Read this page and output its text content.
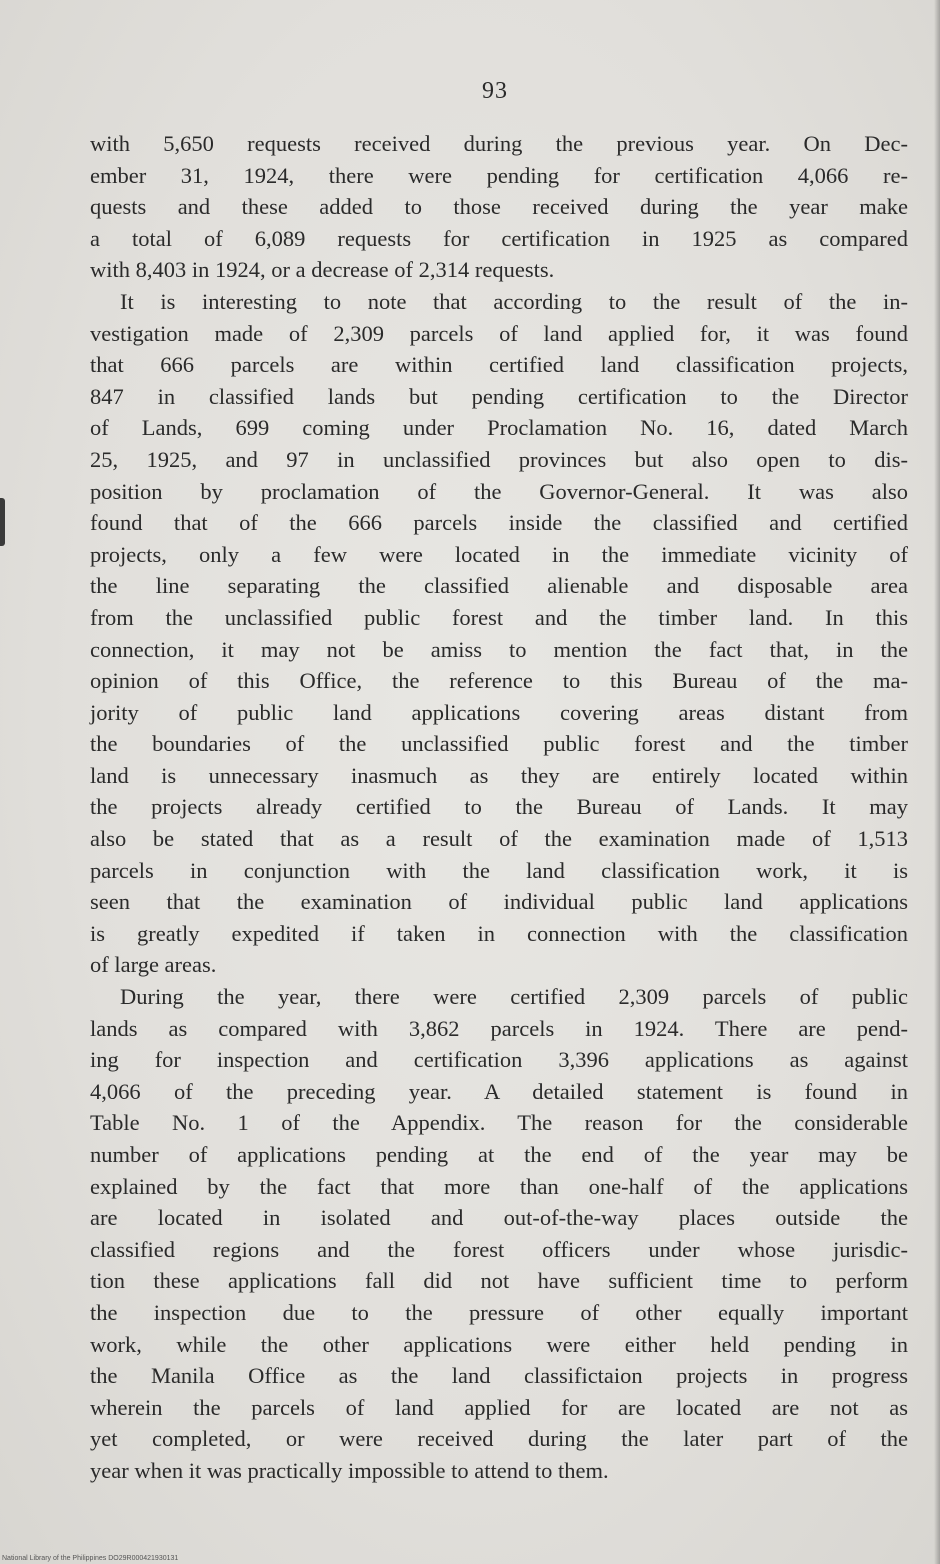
93
with 5,650 requests received during the previous year. On Dec-
ember 31, 1924, there were pending for certification 4,066 re-
quests and these added to those received during the year make
a total of 6,089 requests for certification in 1925 as compared
with 8,403 in 1924, or a decrease of 2,314 requests.
It is interesting to note that according to the result of the in-
vestigation made of 2,309 parcels of land applied for, it was found
that 666 parcels are within certified land classification projects,
847 in classified lands but pending certification to the Director
of Lands, 699 coming under Proclamation No. 16, dated March
25, 1925, and 97 in unclassified provinces but also open to dis-
position by proclamation of the Governor-General. It was also
found that of the 666 parcels inside the classified and certified
projects, only a few were located in the immediate vicinity of
the line separating the classified alienable and disposable area
from the unclassified public forest and the timber land. In this
connection, it may not be amiss to mention the fact that, in the
opinion of this Office, the reference to this Bureau of the ma-
jority of public land applications covering areas distant from
the boundaries of the unclassified public forest and the timber
land is unnecessary inasmuch as they are entirely located within
the projects already certified to the Bureau of Lands. It may
also be stated that as a result of the examination made of 1,513
parcels in conjunction with the land classification work, it is
seen that the examination of individual public land applications
is greatly expedited if taken in connection with the classification
of large areas.
During the year, there were certified 2,309 parcels of public
lands as compared with 3,862 parcels in 1924. There are pend-
ing for inspection and certification 3,396 applications as against
4,066 of the preceding year. A detailed statement is found in
Table No. 1 of the Appendix. The reason for the considerable
number of applications pending at the end of the year may be
explained by the fact that more than one-half of the applications
are located in isolated and out-of-the-way places outside the
classified regions and the forest officers under whose jurisdic-
tion these applications fall did not have sufficient time to perform
the inspection due to the pressure of other equally important
work, while the other applications were either held pending in
the Manila Office as the land classifictaion projects in progress
wherein the parcels of land applied for are located are not as
yet completed, or were received during the later part of the
year when it was practically impossible to attend to them.
National Library of the Philippines DO29R000421930131
